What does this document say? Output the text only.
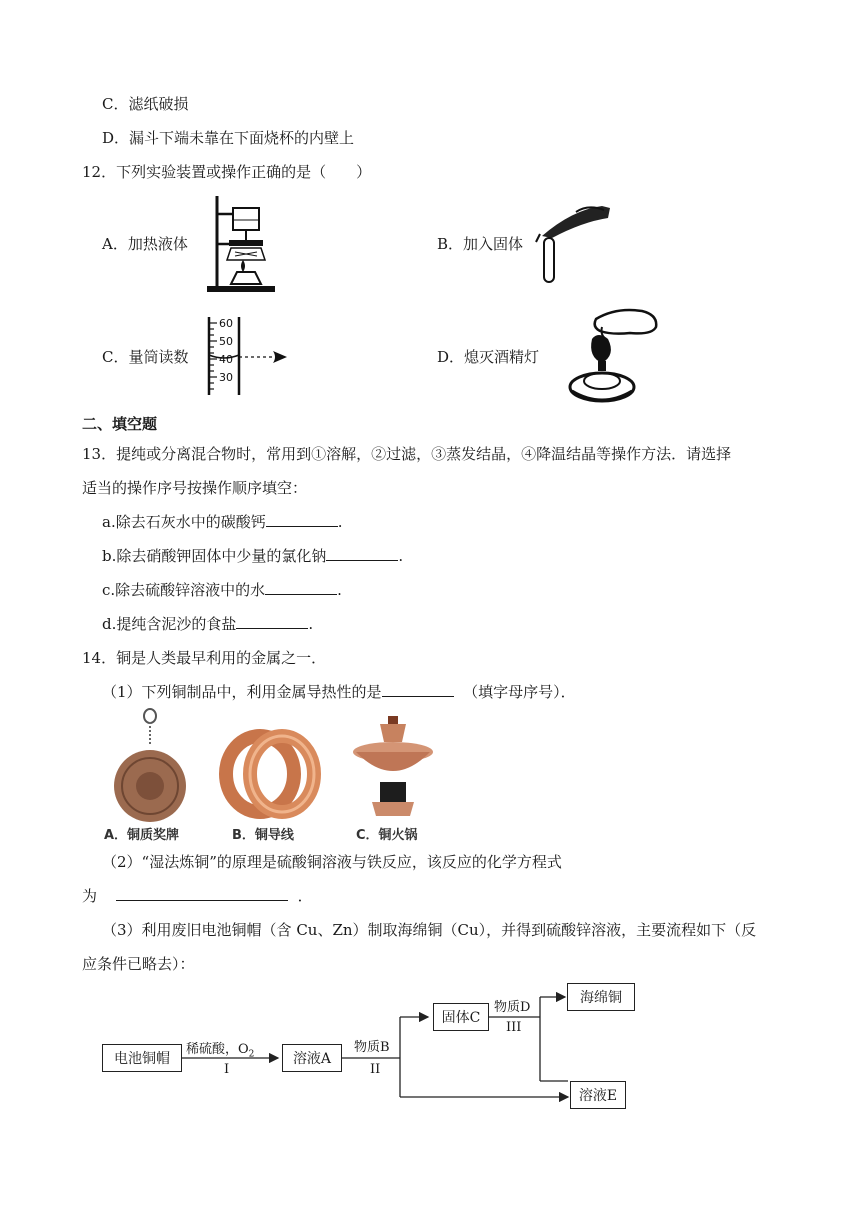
C．滤纸破损
D．漏斗下端未靠在下面烧杯的内壁上
12．下列实验装置或操作正确的是（　　）
A．加热液体	B．加入固体
C．量筒读数	D．熄灭酒精灯
60
50
40
30
二、填空题
13．提纯或分离混合物时，常用到①溶解，②过滤，③蒸发结晶，④降温结晶等操作方法．请选择
适当的操作序号按操作顺序填空：
a.除去石灰水中的碳酸钙	.
b.除去硝酸钾固体中少量的氯化钠	.
c.除去硫酸锌溶液中的水	.
d.提纯含泥沙的食盐	.
14．铜是人类最早利用的金属之一．
（1）下列铜制品中，利用金属导热性的是	（填字母序号）．
A．铜质奖牌	B．铜导线	C．铜火锅
（2）“湿法炼铜”的原理是硫酸铜溶液与铁反应，该反应的化学方程式
为	．
（3）利用废旧电池铜帽（含 Cu、Zn）制取海绵铜（Cu），并得到硫酸锌溶液，主要流程如下（反
应条件已略去）：
电池铜帽
稀硫酸，$O_2$
I
溶液A
物质B
II
固体C
物质D
III
海绵铜
溶液E
